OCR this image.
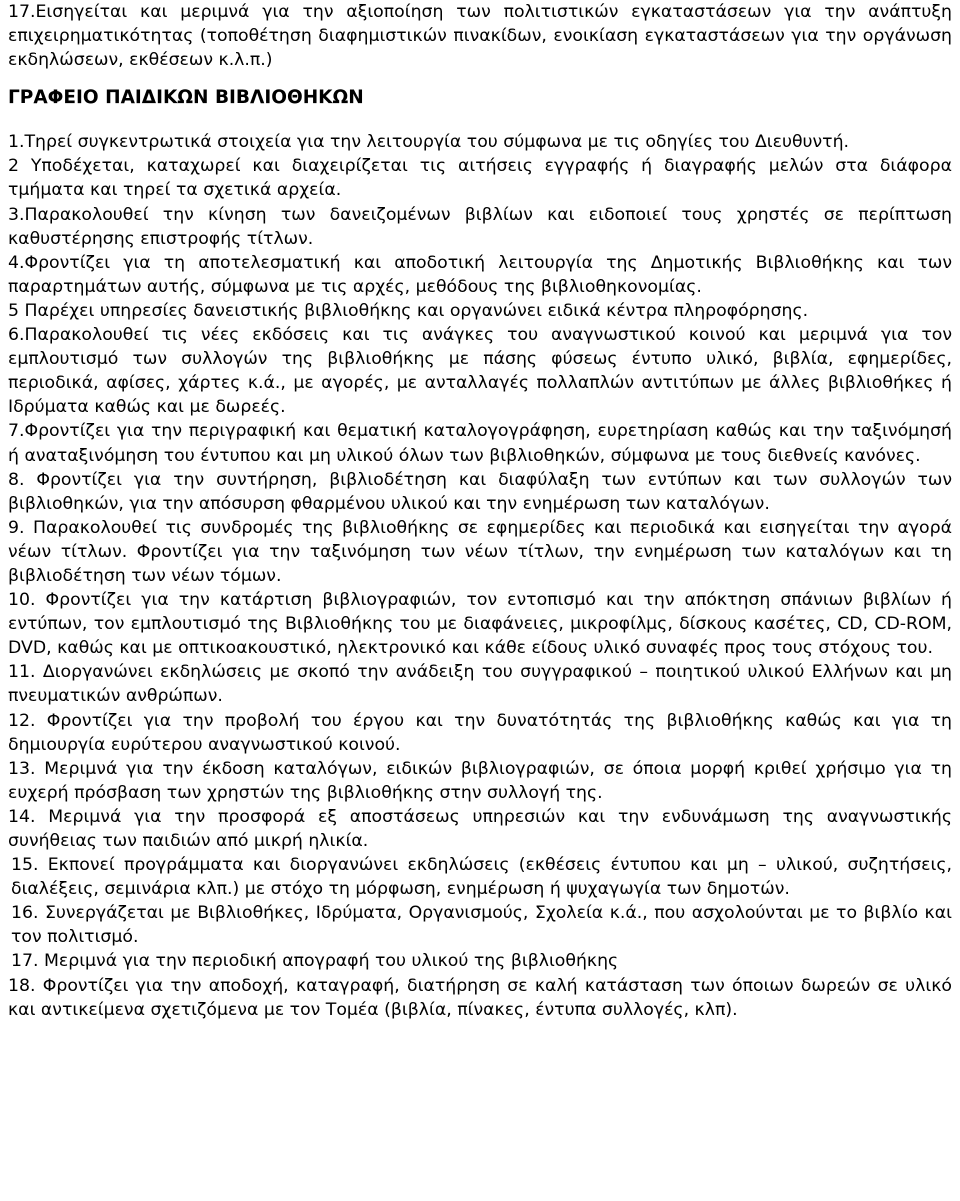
17.Εισηγείται και μεριμνά για την αξιοποίηση των πολιτιστικών εγκαταστάσεων για την ανάπτυξη επιχειρηματικότητας (τοποθέτηση διαφημιστικών πινακίδων, ενοικίαση εγκαταστάσεων για την οργάνωση εκδηλώσεων, εκθέσεων κ.λ.π.)

ΓΡΑΦΕΙΟ ΠΑΙΔΙΚΩΝ ΒΙΒΛΙΟΘΗΚΩΝ

1.Τηρεί συγκεντρωτικά στοιχεία για την λειτουργία του σύμφωνα με τις οδηγίες του Διευθυντή.

2 Υποδέχεται, καταχωρεί και διαχειρίζεται τις αιτήσεις εγγραφής ή διαγραφής μελών στα διάφορα τμήματα και τηρεί τα σχετικά αρχεία.

3.Παρακολουθεί την κίνηση των δανειζομένων βιβλίων και ειδοποιεί τους χρηστές σε περίπτωση καθυστέρησης επιστροφής τίτλων.

4.Φροντίζει για τη αποτελεσματική και αποδοτική λειτουργία της Δημοτικής Βιβλιοθήκης και των παραρτημάτων αυτής, σύμφωνα με τις αρχές, μεθόδους της βιβλιοθηκονομίας.

5 Παρέχει υπηρεσίες δανειστικής βιβλιοθήκης και οργανώνει ειδικά κέντρα πληροφόρησης.

6.Παρακολουθεί τις νέες εκδόσεις και τις ανάγκες του αναγνωστικού κοινού και μεριμνά για τον εμπλουτισμό των συλλογών της βιβλιοθήκης με πάσης φύσεως έντυπο υλικό, βιβλία, εφημερίδες, περιοδικά, αφίσες, χάρτες κ.ά., με αγορές, με ανταλλαγές πολλαπλών αντιτύπων με άλλες βιβλιοθήκες ή Ιδρύματα καθώς και με δωρεές.

7.Φροντίζει για την περιγραφική και θεματική καταλογογράφηση, ευρετηρίαση καθώς και την ταξινόμησή ή αναταξινόμηση του έντυπου και μη υλικού όλων των βιβλιοθηκών, σύμφωνα με τους διεθνείς κανόνες.

8. Φροντίζει για την συντήρηση, βιβλιοδέτηση και διαφύλαξη των εντύπων και των συλλογών των βιβλιοθηκών, για την απόσυρση φθαρμένου υλικού και την ενημέρωση των καταλόγων.

9. Παρακολουθεί τις συνδρομές της βιβλιοθήκης σε εφημερίδες και περιοδικά και εισηγείται την αγορά νέων τίτλων. Φροντίζει για την ταξινόμηση των νέων τίτλων, την ενημέρωση των καταλόγων και τη βιβλιοδέτηση των νέων τόμων.

10. Φροντίζει για την κατάρτιση βιβλιογραφιών, τον εντοπισμό και την απόκτηση σπάνιων βιβλίων ή εντύπων, τον εμπλουτισμό της Βιβλιοθήκης του με διαφάνειες, μικροφίλμς, δίσκους κασέτες, CD, CD-ROM, DVD, καθώς και με οπτικοακουστικό, ηλεκτρονικό και κάθε είδους υλικό συναφές προς τους στόχους του.

11. Διοργανώνει εκδηλώσεις με σκοπό την ανάδειξη του συγγραφικού – ποιητικού υλικού Ελλήνων και μη πνευματικών ανθρώπων.

12. Φροντίζει για την προβολή του έργου και την δυνατότητάς της βιβλιοθήκης καθώς και για τη δημιουργία ευρύτερου αναγνωστικού κοινού.

13. Μεριμνά για την έκδοση καταλόγων, ειδικών βιβλιογραφιών, σε όποια μορφή κριθεί χρήσιμο για τη ευχερή πρόσβαση των χρηστών της βιβλιοθήκης στην συλλογή της.

14. Μεριμνά για την προσφορά εξ αποστάσεως υπηρεσιών και την ενδυνάμωση της αναγνωστικής συνήθειας των παιδιών από μικρή ηλικία.

15. Εκπονεί προγράμματα και διοργανώνει εκδηλώσεις (εκθέσεις έντυπου και μη – υλικού, συζητήσεις, διαλέξεις, σεμινάρια κλπ.) με στόχο τη μόρφωση, ενημέρωση ή ψυχαγωγία των δημοτών.

16. Συνεργάζεται με Βιβλιοθήκες, Ιδρύματα, Οργανισμούς, Σχολεία κ.ά., που ασχολούνται με το βιβλίο και τον πολιτισμό.

17. Μεριμνά για την περιοδική απογραφή του υλικού της βιβλιοθήκης

18. Φροντίζει για την αποδοχή, καταγραφή, διατήρηση σε καλή κατάσταση των όποιων δωρεών σε υλικό και αντικείμενα σχετιζόμενα με τον Τομέα (βιβλία, πίνακες, έντυπα συλλογές, κλπ).
